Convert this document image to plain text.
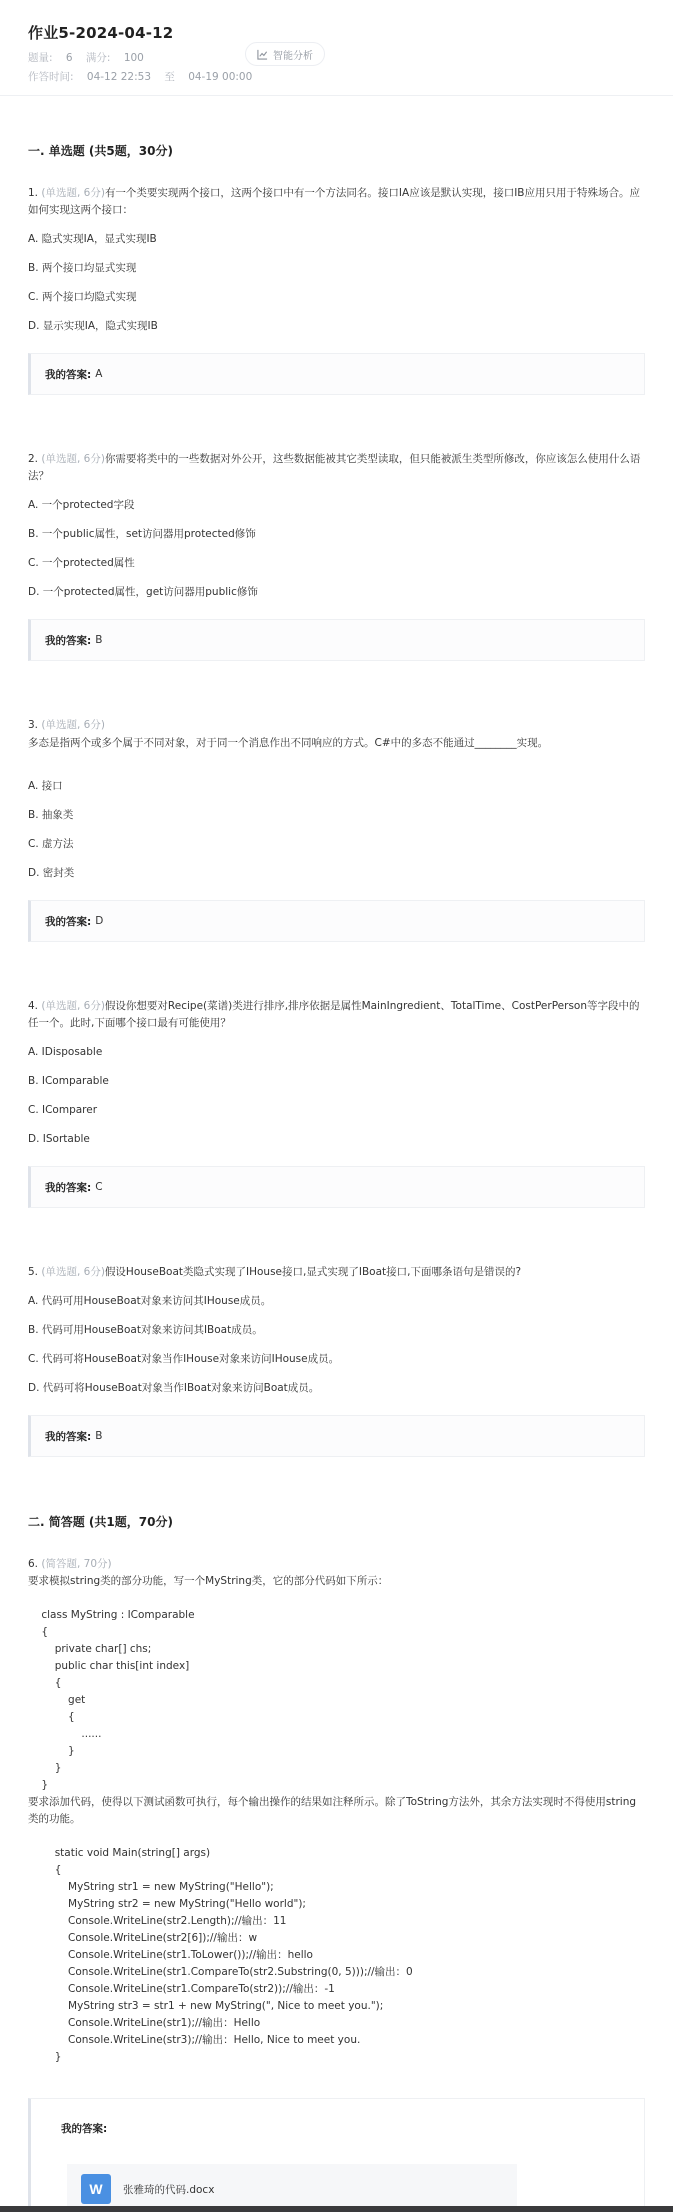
作业5-2024-04-12
题量: 6 满分: 100
作答时间: 04-12 22:53 至 04-19 00:00
智能分析
一. 单选题 (共5题，30分)
1. (单选题, 6分)有一个类要实现两个接口，这两个接口中有一个方法同名。接口IA应该是默认实现，接口IB应用只用于特殊场合。应如何实现这两个接口：
A. 隐式实现IA，显式实现IB
B. 两个接口均显式实现
C. 两个接口均隐式实现
D. 显示实现IA，隐式实现IB
我的答案: A
2. (单选题, 6分)你需要将类中的一些数据对外公开，这些数据能被其它类型读取，但只能被派生类型所修改，你应该怎么使用什么语法？
A. 一个protected字段
B. 一个public属性，set访问器用protected修饰
C. 一个protected属性
D. 一个protected属性，get访问器用public修饰
我的答案: B
3. (单选题, 6分)
多态是指两个或多个属于不同对象，对于同一个消息作出不同响应的方式。C#中的多态不能通过________实现。
A. 接口
B. 抽象类
C. 虚方法
D. 密封类
我的答案: D
4. (单选题, 6分)假设你想要对Recipe(菜谱)类进行排序,排序依据是属性MainIngredient、TotalTime、CostPerPerson等字段中的任一个。此时,下面哪个接口最有可能使用？
A. IDisposable
B. IComparable
C. IComparer
D. ISortable
我的答案: C
5. (单选题, 6分)假设HouseBoat类隐式实现了IHouse接口,显式实现了IBoat接口,下面哪条语句是错误的?
A. 代码可用HouseBoat对象来访问其IHouse成员。
B. 代码可用HouseBoat对象来访问其IBoat成员。
C. 代码可将HouseBoat对象当作IHouse对象来访问IHouse成员。
D. 代码可将HouseBoat对象当作IBoat对象来访问Boat成员。
我的答案: B
二. 简答题 (共1题，70分)
6. (简答题, 70分)
要求模拟string类的部分功能，写一个MyString类，它的部分代码如下所示：

class MyString : IComparable
{
private char[] chs;
public char this[int index]
{
get
{
......
}
}
}
要求添加代码，使得以下测试函数可执行，每个输出操作的结果如注释所示。除了ToString方法外，其余方法实现时不得使用string类的功能。

static void Main(string[] args)
{
MyString str1 = new MyString("Hello");
MyString str2 = new MyString("Hello world");
Console.WriteLine(str2.Length);//输出：11
Console.WriteLine(str2[6]);//输出：w
Console.WriteLine(str1.ToLower());//输出：hello
Console.WriteLine(str1.CompareTo(str2.Substring(0, 5)));//输出：0
Console.WriteLine(str1.CompareTo(str2));//输出：-1
MyString str3 = str1 + new MyString(", Nice to meet you.");
Console.WriteLine(str1);//输出：Hello
Console.WriteLine(str3);//输出：Hello, Nice to meet you.
}
我的答案:
W	张雅琦的代码.docx
